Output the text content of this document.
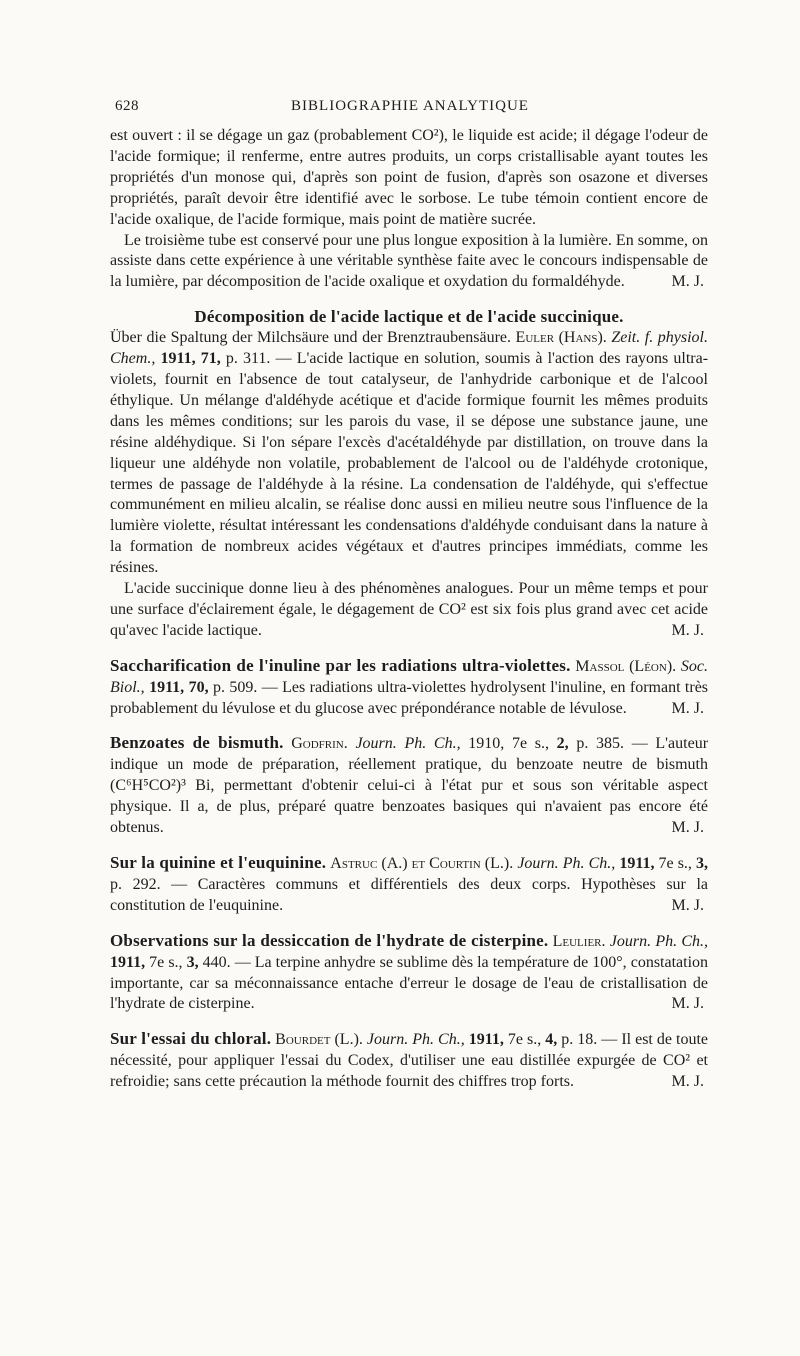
628	BIBLIOGRAPHIE ANALYTIQUE

est ouvert : il se dégage un gaz (probablement CO²), le liquide est acide; il dégage l'odeur de l'acide formique; il renferme, entre autres produits, un corps cristallisable ayant toutes les propriétés d'un monose qui, d'après son point de fusion, d'après son osazone et diverses propriétés, paraît devoir être identifié avec le sorbose. Le tube témoin contient encore de l'acide oxalique, de l'acide formique, mais point de matière sucrée.

Le troisième tube est conservé pour une plus longue exposition à la lumière. En somme, on assiste dans cette expérience à une véritable synthèse faite avec le concours indispensable de la lumière, par décomposition de l'acide oxalique et oxydation du formaldéhyde.	M. J.

Décomposition de l'acide lactique et de l'acide succinique.

Über die Spaltung der Milchsäure und der Brenztraubensäure. Euler (Hans). Zeit. f. physiol. Chem., 1911, 71, p. 311. — L'acide lactique en solution, soumis à l'action des rayons ultra-violets, fournit en l'absence de tout catalyseur, de l'anhydride carbonique et de l'alcool éthylique. Un mélange d'aldéhyde acétique et d'acide formique fournit les mêmes produits dans les mêmes conditions; sur les parois du vase, il se dépose une substance jaune, une résine aldéhydique. Si l'on sépare l'excès d'acétaldéhyde par distillation, on trouve dans la liqueur une aldéhyde non volatile, probablement de l'alcool ou de l'aldéhyde crotonique, termes de passage de l'aldéhyde à la résine. La condensation de l'aldéhyde, qui s'effectue communément en milieu alcalin, se réalise donc aussi en milieu neutre sous l'influence de la lumière violette, résultat intéressant les condensations d'aldéhyde conduisant dans la nature à la formation de nombreux acides végétaux et d'autres principes immédiats, comme les résines.

L'acide succinique donne lieu à des phénomènes analogues. Pour un même temps et pour une surface d'éclairement égale, le dégagement de CO² est six fois plus grand avec cet acide qu'avec l'acide lactique.	M. J.

Saccharification de l'inuline par les radiations ultra-violettes. Massol (Léon). Soc. Biol., 1911, 70, p. 509. — Les radiations ultra-violettes hydrolysent l'inuline, en formant très probablement du lévulose et du glucose avec prépondérance notable de lévulose.	M. J.

Benzoates de bismuth. Godfrin. Journ. Ph. Ch., 1910, 7e s., 2, p. 385. — L'auteur indique un mode de préparation, réellement pratique, du benzoate neutre de bismuth (C⁶H⁵CO²)³ Bi, permettant d'obtenir celui-ci à l'état pur et sous son véritable aspect physique. Il a, de plus, préparé quatre benzoates basiques qui n'avaient pas encore été obtenus.	M. J.

Sur la quinine et l'euquinine. Astruc (A.) et Courtin (L.). Journ. Ph. Ch., 1911, 7e s., 3, p. 292. — Caractères communs et différentiels des deux corps. Hypothèses sur la constitution de l'euquinine.	M. J.

Observations sur la dessiccation de l'hydrate de cisterpine. Leulier. Journ. Ph. Ch., 1911, 7e s., 3, 440. — La terpine anhydre se sublime dès la température de 100°, constatation importante, car sa méconnaissance entache d'erreur le dosage de l'eau de cristallisation de l'hydrate de cisterpine.	M. J.

Sur l'essai du chloral. Bourdet (L.). Journ. Ph. Ch., 1911, 7e s., 4, p. 18. — Il est de toute nécessité, pour appliquer l'essai du Codex, d'utiliser une eau distillée expurgée de CO² et refroidie; sans cette précaution la méthode fournit des chiffres trop forts.	M. J.
